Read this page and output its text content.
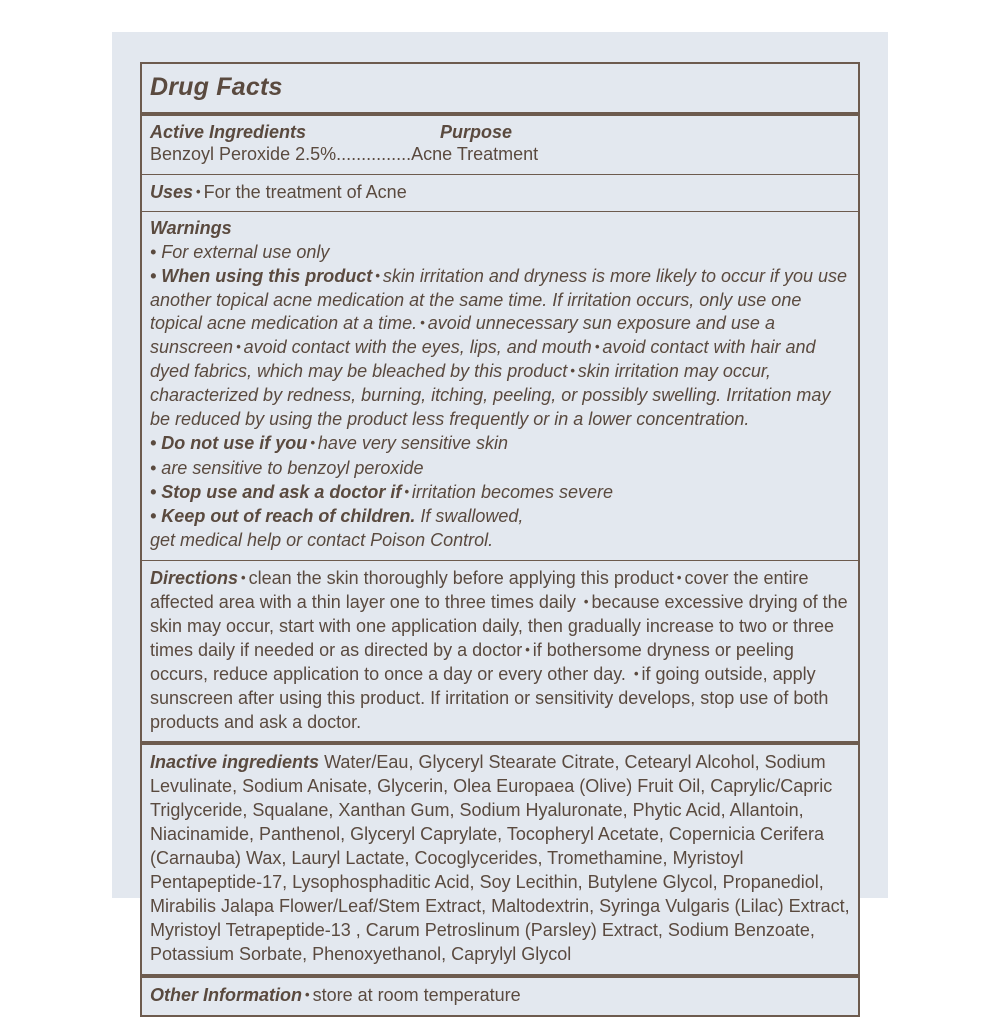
Drug Facts
Active Ingredients	Purpose
Benzoyl Peroxide 2.5%...............Acne Treatment
Uses • For the treatment of Acne
Warnings
• For external use only
• When using this product • skin irritation and dryness is more likely to occur if you use another topical acne medication at the same time. If irritation occurs, only use one topical acne medication at a time. • avoid unnecessary sun exposure and use a sunscreen • avoid contact with the eyes, lips, and mouth • avoid contact with hair and dyed fabrics, which may be bleached by this product • skin irritation may occur, characterized by redness, burning, itching, peeling, or possibly swelling. Irritation may be reduced by using the product less frequently or in a lower concentration.
• Do not use if you • have very sensitive skin
• are sensitive to benzoyl peroxide
• Stop use and ask a doctor if • irritation becomes severe
• Keep out of reach of children. If swallowed,
get medical help or contact Poison Control.
Directions • clean the skin thoroughly before applying this product • cover the entire affected area with a thin layer one to three times daily • because excessive drying of the skin may occur, start with one application daily, then gradually increase to two or three times daily if needed or as directed by a doctor • if bothersome dryness or peeling occurs, reduce application to once a day or every other day. • if going outside, apply sunscreen after using this product. If irritation or sensitivity develops, stop use of both products and ask a doctor.
Inactive ingredients Water/Eau, Glyceryl Stearate Citrate, Cetearyl Alcohol, Sodium Levulinate, Sodium Anisate, Glycerin, Olea Europaea (Olive) Fruit Oil, Caprylic/Capric Triglyceride, Squalane, Xanthan Gum, Sodium Hyaluronate, Phytic Acid, Allantoin, Niacinamide, Panthenol, Glyceryl Caprylate, Tocopheryl Acetate, Copernicia Cerifera (Carnauba) Wax, Lauryl Lactate, Cocoglycerides, Tromethamine, Myristoyl Pentapeptide-17, Lysophosphaditic Acid, Soy Lecithin, Butylene Glycol, Propanediol, Mirabilis Jalapa Flower/Leaf/Stem Extract, Maltodextrin, Syringa Vulgaris (Lilac) Extract, Myristoyl Tetrapeptide-13 , Carum Petroslinum (Parsley) Extract, Sodium Benzoate, Potassium Sorbate, Phenoxyethanol, Caprylyl Glycol
Other Information • store at room temperature
